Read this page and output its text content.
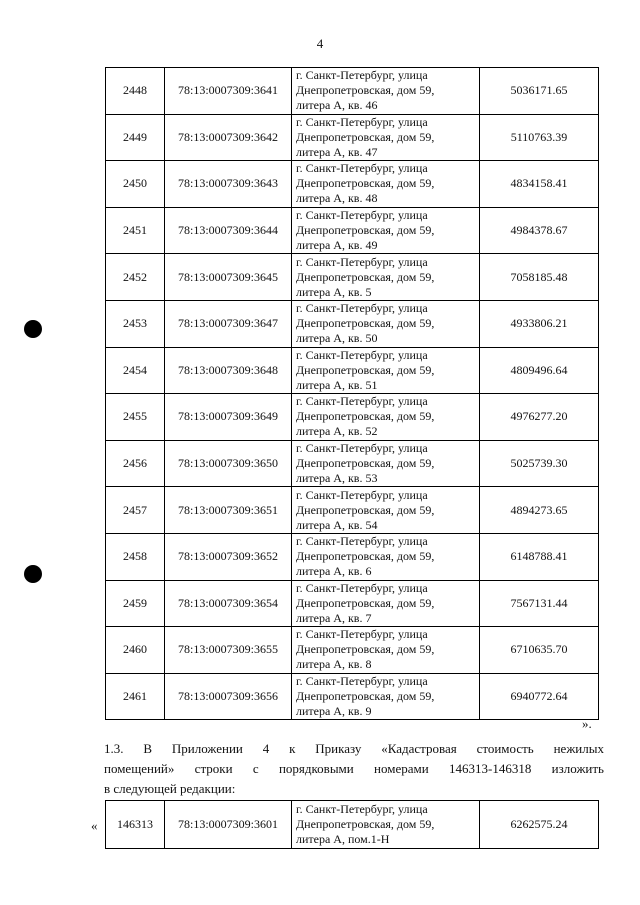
4
2448	78:13:0007309:3641	г. Санкт-Петербург, улица
Днепропетровская, дом 59,
литера А, кв. 46	5036171.65
2449	78:13:0007309:3642	г. Санкт-Петербург, улица
Днепропетровская, дом 59,
литера А, кв. 47	5110763.39
2450	78:13:0007309:3643	г. Санкт-Петербург, улица
Днепропетровская, дом 59,
литера А, кв. 48	4834158.41
2451	78:13:0007309:3644	г. Санкт-Петербург, улица
Днепропетровская, дом 59,
литера А, кв. 49	4984378.67
2452	78:13:0007309:3645	г. Санкт-Петербург, улица
Днепропетровская, дом 59,
литера А, кв. 5	7058185.48
2453	78:13:0007309:3647	г. Санкт-Петербург, улица
Днепропетровская, дом 59,
литера А, кв. 50	4933806.21
2454	78:13:0007309:3648	г. Санкт-Петербург, улица
Днепропетровская, дом 59,
литера А, кв. 51	4809496.64
2455	78:13:0007309:3649	г. Санкт-Петербург, улица
Днепропетровская, дом 59,
литера А, кв. 52	4976277.20
2456	78:13:0007309:3650	г. Санкт-Петербург, улица
Днепропетровская, дом 59,
литера А, кв. 53	5025739.30
2457	78:13:0007309:3651	г. Санкт-Петербург, улица
Днепропетровская, дом 59,
литера А, кв. 54	4894273.65
2458	78:13:0007309:3652	г. Санкт-Петербург, улица
Днепропетровская, дом 59,
литера А, кв. 6	6148788.41
2459	78:13:0007309:3654	г. Санкт-Петербург, улица
Днепропетровская, дом 59,
литера А, кв. 7	7567131.44
2460	78:13:0007309:3655	г. Санкт-Петербург, улица
Днепропетровская, дом 59,
литера А, кв. 8	6710635.70
2461	78:13:0007309:3656	г. Санкт-Петербург, улица
Днепропетровская, дом 59,
литера А, кв. 9	6940772.64
».
1.3. В Приложении 4 к Приказу «Кадастровая стоимость нежилых
помещений» строки с порядковыми номерами 146313-146318 изложить
в следующей редакции:
« 146313	78:13:0007309:3601	
г. Санкт-Петербург, улица
Днепропетровская, дом 59,
литера А, пом.1-Н
	6262575.24
